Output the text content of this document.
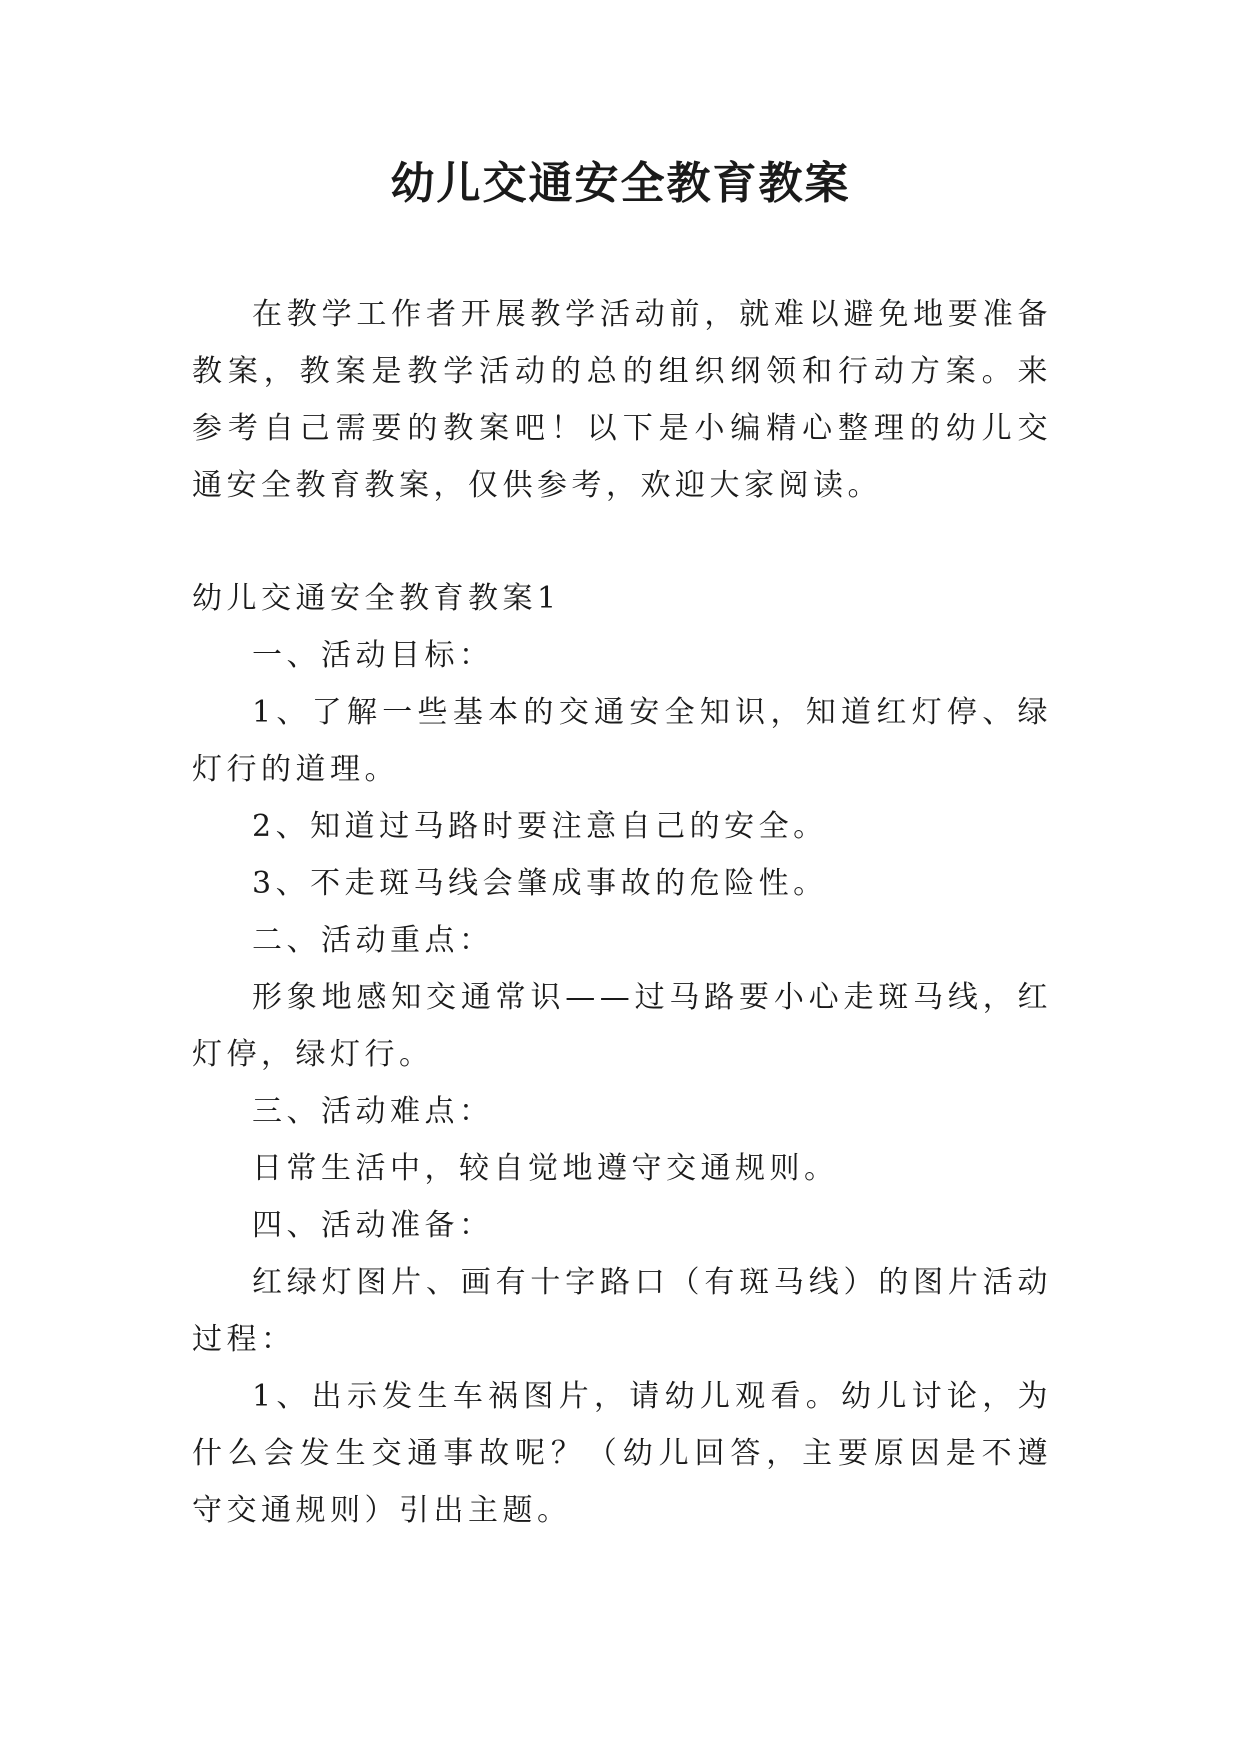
幼儿交通安全教育教案

在教学工作者开展教学活动前，就难以避免地要准备教案，教案是教学活动的总的组织纲领和行动方案。来参考自己需要的教案吧！以下是小编精心整理的幼儿交通安全教育教案，仅供参考，欢迎大家阅读。

幼儿交通安全教育教案1

一、活动目标：

1、了解一些基本的交通安全知识，知道红灯停、绿灯行的道理。

2、知道过马路时要注意自己的安全。

3、不走斑马线会肇成事故的危险性。

二、活动重点：

形象地感知交通常识——过马路要小心走斑马线，红灯停，绿灯行。

三、活动难点：

日常生活中，较自觉地遵守交通规则。

四、活动准备：

红绿灯图片、画有十字路口（有斑马线）的图片活动过程：

1、出示发生车祸图片，请幼儿观看。幼儿讨论，为什么会发生交通事故呢？（幼儿回答，主要原因是不遵守交通规则）引出主题。
